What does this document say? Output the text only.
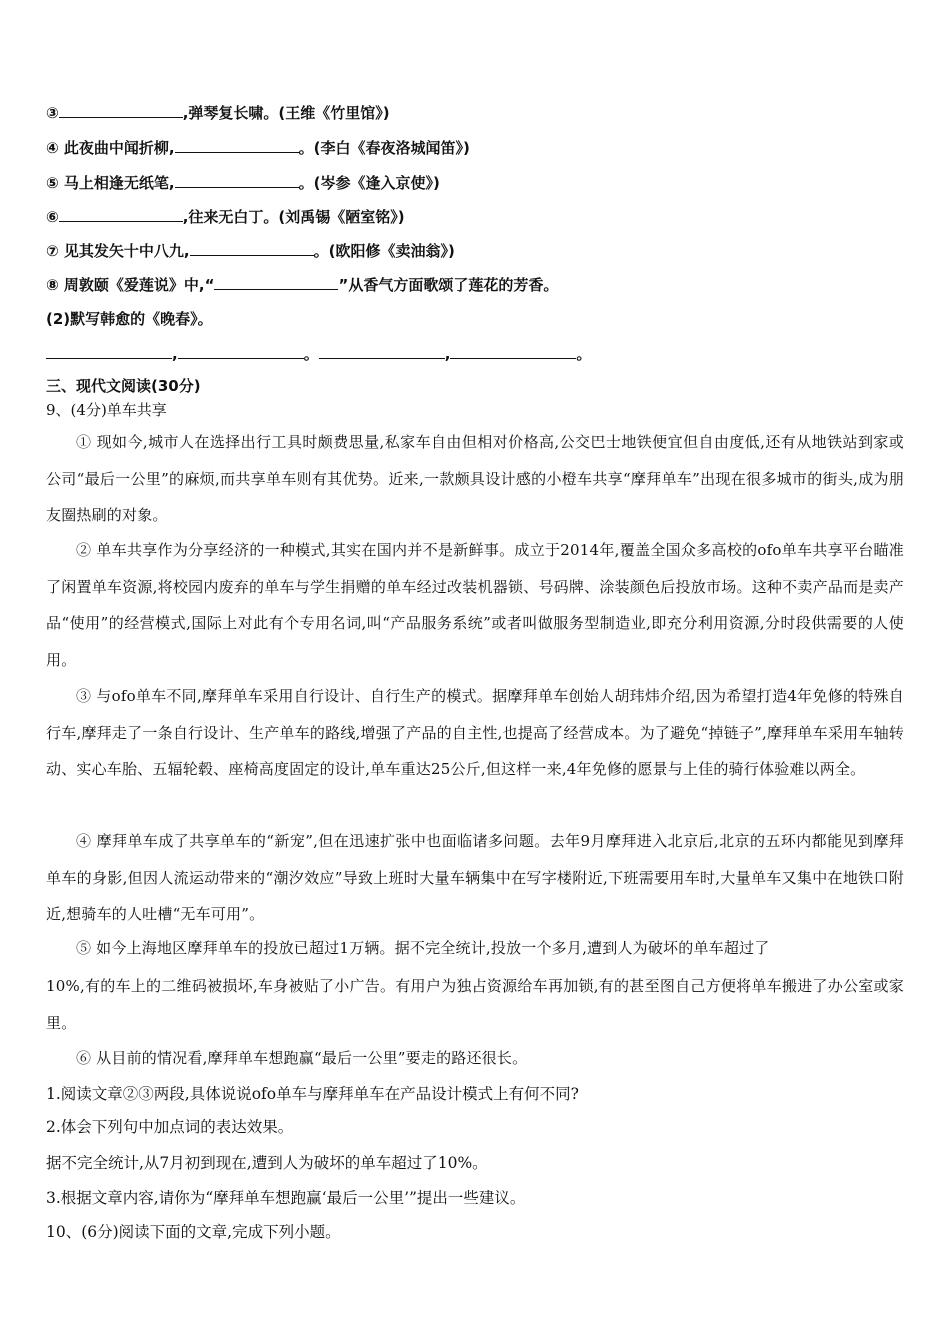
③	,弹琴复长啸。(王维《竹里馆》)
④ 此夜曲中闻折柳,	。(李白《春夜洛城闻笛》)
⑤ 马上相逢无纸笔,	。(岑参《逢入京使》)
⑥	,往来无白丁。(刘禹锡《陋室铭》)
⑦ 见其发矢十中八九,	。(欧阳修《卖油翁》)
⑧ 周敦颐《爱莲说》中,“	”从香气方面歌颂了莲花的芳香。
(2)默写韩愈的《晚春》。
,	。	,	。
三、现代文阅读(30分)
9、(4分)单车共享
① 现如今,城市人在选择出行工具时颇费思量,私家车自由但相对价格高,公交巴士地铁便宜但自由度低,还有从地铁站到家或公司“最后一公里”的麻烦,而共享单车则有其优势。近来,一款颇具设计感的小橙车共享“摩拜单车”出现在很多城市的街头,成为朋友圈热刷的对象。
② 单车共享作为分享经济的一种模式,其实在国内并不是新鲜事。成立于2014年,覆盖全国众多高校的ofo单车共享平台瞄准了闲置单车资源,将校园内废弃的单车与学生捐赠的单车经过改装机器锁、号码牌、涂装颜色后投放市场。这种不卖产品而是卖产品“使用”的经营模式,国际上对此有个专用名词,叫“产品服务系统”或者叫做服务型制造业,即充分利用资源,分时段供需要的人使用。
③ 与ofo单车不同,摩拜单车采用自行设计、自行生产的模式。据摩拜单车创始人胡玮炜介绍,因为希望打造4年免修的特殊自行车,摩拜走了一条自行设计、生产单车的路线,增强了产品的自主性,也提高了经营成本。为了避免“掉链子”,摩拜单车采用车轴转动、实心车胎、五辐轮毂、座椅高度固定的设计,单车重达25公斤,但这样一来,4年免修的愿景与上佳的骑行体验难以两全。
④ 摩拜单车成了共享单车的“新宠”,但在迅速扩张中也面临诸多问题。去年9月摩拜进入北京后,北京的五环内都能见到摩拜单车的身影,但因人流运动带来的“潮汐效应”导致上班时大量车辆集中在写字楼附近,下班需要用车时,大量单车又集中在地铁口附近,想骑车的人吐槽“无车可用”。
⑤ 如今上海地区摩拜单车的投放已超过1万辆。据不完全统计,投放一个多月,遭到人为破坏的单车超过了
10%,有的车上的二维码被损坏,车身被贴了小广告。有用户为独占资源给车再加锁,有的甚至图自己方便将单车搬进了办公室或家里。
⑥ 从目前的情况看,摩拜单车想跑赢“最后一公里”要走的路还很长。
1.阅读文章②③两段,具体说说ofo单车与摩拜单车在产品设计模式上有何不同?
2.体会下列句中加点词的表达效果。
据不完全统计,从7月初到现在,遭到人为破坏的单车超过了10%。
3.根据文章内容,请你为“摩拜单车想跑赢‘最后一公里’”提出一些建议。
10、(6分)阅读下面的文章,完成下列小题。
